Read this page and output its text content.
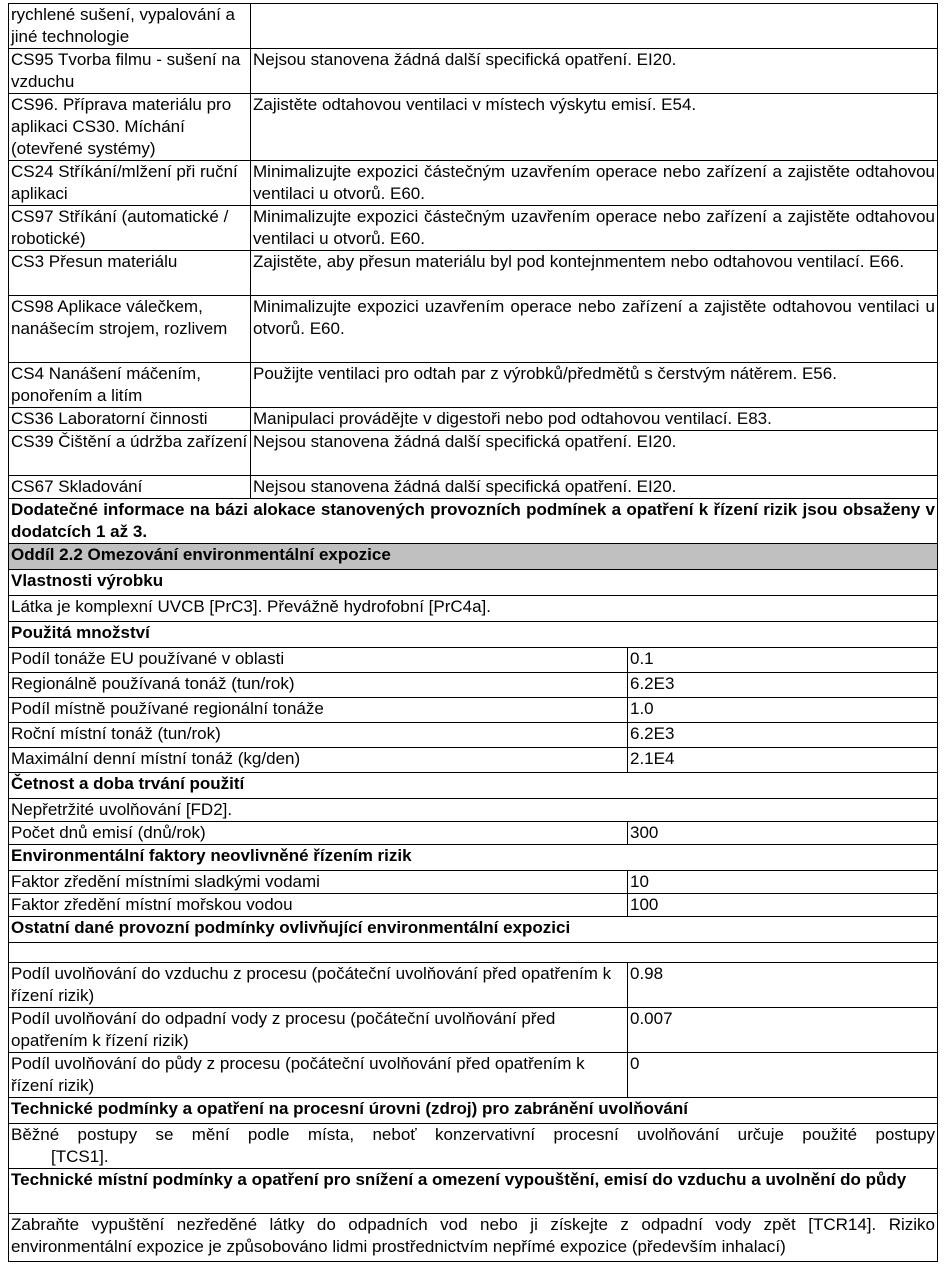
rychlené sušení, vypalování a jiné technologie		
CS95 Tvorba filmu - sušení na vzduchu	Nejsou stanovena žádná další specifická opatření. EI20.	
CS96. Příprava materiálu pro aplikaci CS30. Míchání (otevřené systémy)	Zajistěte odtahovou ventilaci v místech výskytu emisí. E54.	
CS24 Stříkání/mlžení při ruční aplikaci	Minimalizujte expozici částečným uzavřením operace nebo zařízení a zajistěte odtahovou ventilaci u otvorů. E60.	
CS97 Stříkání (automatické / robotické)	Minimalizujte expozici částečným uzavřením operace nebo zařízení a zajistěte odtahovou ventilaci u otvorů. E60.	
CS3 Přesun materiálu	Zajistěte, aby přesun materiálu byl pod kontejnmentem nebo odtahovou ventilací. E66.	
CS98 Aplikace válečkem, nanášecím strojem, rozlivem	Minimalizujte expozici uzavřením operace nebo zařízení a zajistěte odtahovou ventilaci u otvorů. E60.	
CS4 Nanášení máčením, ponořením a litím	Použijte ventilaci pro odtah par z výrobků/předmětů s čerstvým nátěrem. E56.	
CS36 Laboratorní činnosti	Manipulaci provádějte v digestoři nebo pod odtahovou ventilací. E83.	
CS39 Čištění a údržba zařízení	Nejsou stanovena žádná další specifická opatření. EI20.	
CS67 Skladování	Nejsou stanovena žádná další specifická opatření. EI20.	
Dodatečné informace na bázi alokace stanovených provozních podmínek a opatření k řízení rizik jsou obsaženy v dodatcích 1 až 3.		
Oddíl 2.2 Omezování environmentální expozice		
Vlastnosti výrobku		
Látka je komplexní UVCB [PrC3]. Převážně hydrofobní [PrC4a].		
Použitá množství		
Podíl tonáže EU používané v oblasti		0.1
Regionálně používaná tonáž (tun/rok)		6.2E3
Podíl místně používané regionální tonáže		1.0
Roční místní tonáž (tun/rok)		6.2E3
Maximální denní místní tonáž (kg/den)		2.1E4
Četnost a doba trvání použití		
Nepřetržité uvolňování [FD2].		
Počet dnů emisí (dnů/rok)		300
Environmentální faktory neovlivněné řízením rizik		
Faktor zředění místními sladkými vodami		10
Faktor zředění místní mořskou vodou		100
Ostatní dané provozní podmínky ovlivňující environmentální expozici		

Podíl uvolňování do vzduchu z procesu (počáteční uvolňování před opatřením k řízení rizik)		0.98
Podíl uvolňování do odpadní vody z procesu (počáteční uvolňování před opatřením k řízení rizik)		0.007
Podíl uvolňování do půdy z procesu (počáteční uvolňování před opatřením k řízení rizik)		0
Technické podmínky a opatření na procesní úrovni (zdroj) pro zabránění uvolňování		

Běžné postupy se mění podle místa, neboť konzervativní procesní uvolňování určuje použité postupy
[TCS1].		

Technické místní podmínky a opatření pro snížení a omezení vypouštění, emisí do vzduchu a uvolnění do půdy		
Zabraňte vypuštění nezředěné látky do odpadních vod nebo ji získejte z odpadní vody zpět [TCR14]. Riziko environmentální expozice je způsobováno lidmi prostřednictvím nepřímé expozice (především inhalací)		
